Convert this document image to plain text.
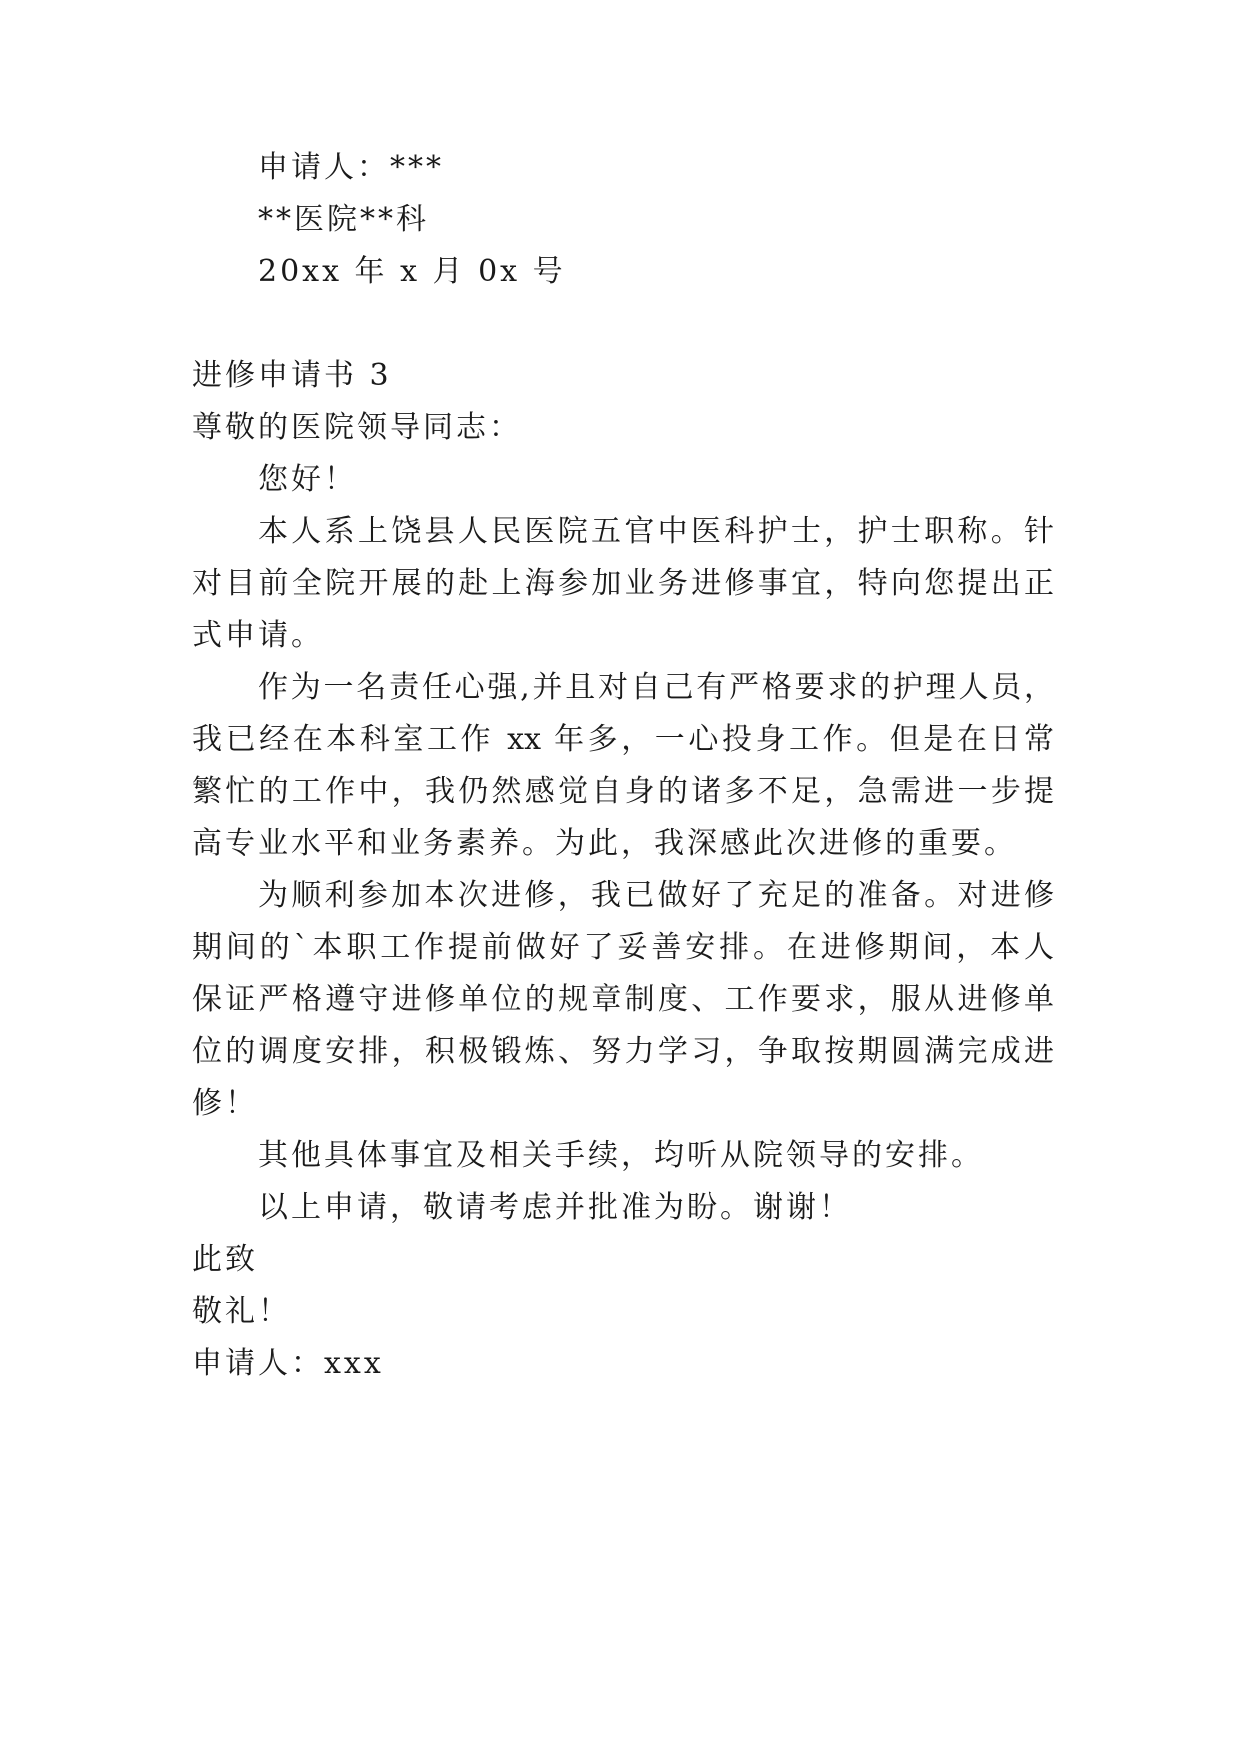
申请人：***
**医院**科
20xx 年 x 月 0x 号
进修申请书 3
尊敬的医院领导同志：
您好！
本人系上饶县人民医院五官中医科护士，护士职称。针
对目前全院开展的赴上海参加业务进修事宜，特向您提出正
式申请。
作为一名责任心强,并且对自己有严格要求的护理人员，
我已经在本科室工作 xx 年多，一心投身工作。但是在日常
繁忙的工作中，我仍然感觉自身的诸多不足，急需进一步提
高专业水平和业务素养。为此，我深感此次进修的重要。
为顺利参加本次进修，我已做好了充足的准备。对进修
期间的`本职工作提前做好了妥善安排。在进修期间，本人
保证严格遵守进修单位的规章制度、工作要求，服从进修单
位的调度安排，积极锻炼、努力学习，争取按期圆满完成进
修！
其他具体事宜及相关手续，均听从院领导的安排。
以上申请，敬请考虑并批准为盼。谢谢！
此致
敬礼！
申请人：xxx
